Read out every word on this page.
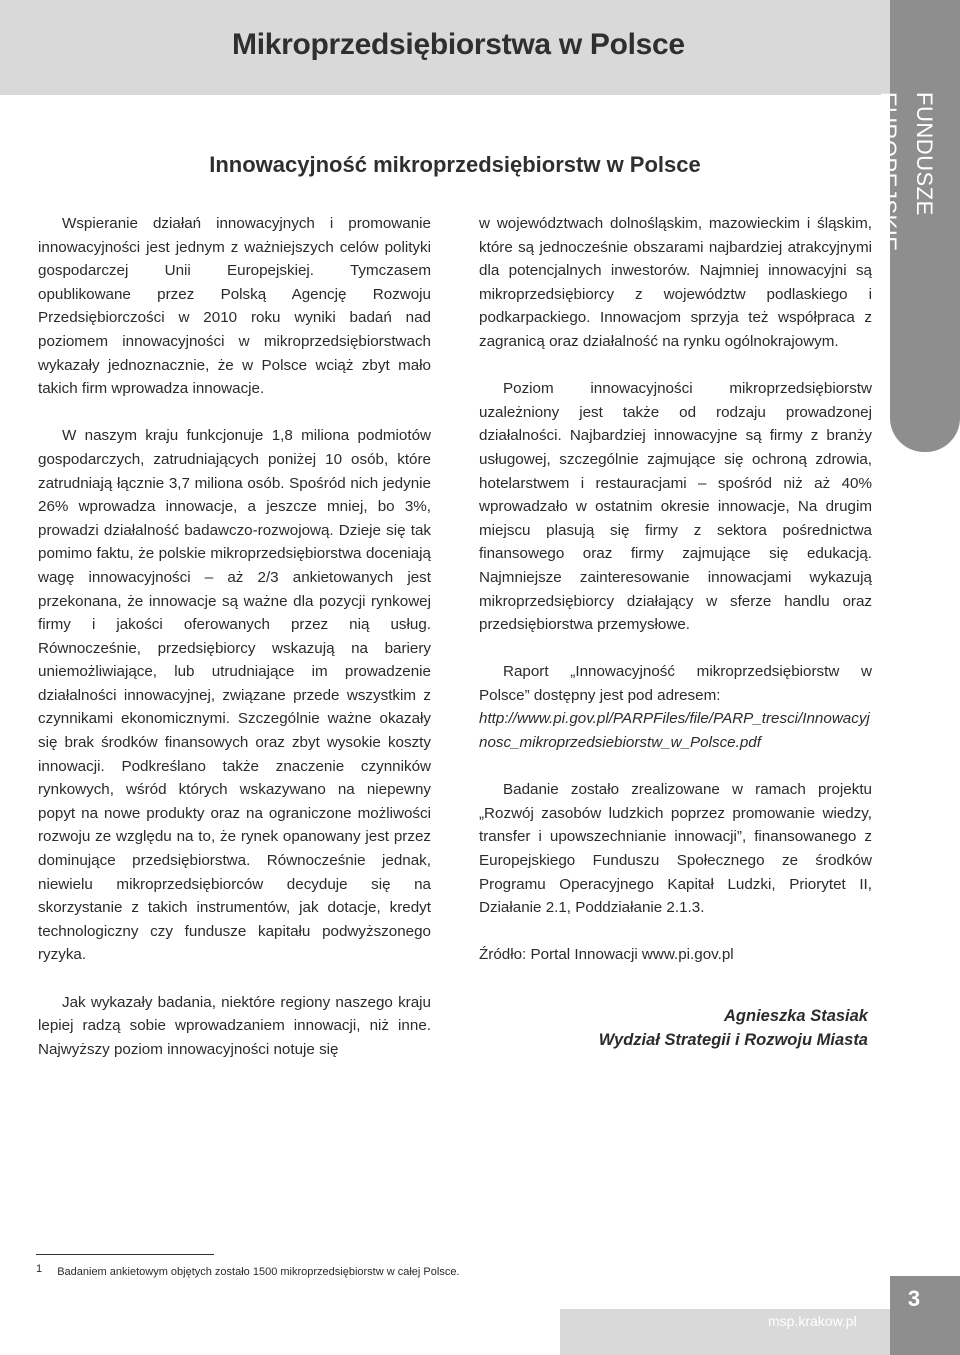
Mikroprzedsiębiorstwa w Polsce
FUNDUSZE EUROPEJSKIE
Innowacyjność mikroprzedsiębiorstw w Polsce

Wspieranie działań innowacyjnych i promowanie innowacyjności jest jednym z ważniejszych celów polityki gospodarczej Unii Europejskiej. Tymczasem opublikowane przez Polską Agencję Rozwoju Przedsiębiorczości w 2010 roku wyniki badań nad poziomem innowacyjności w mikroprzedsiębiorstwach wykazały jednoznacznie, że w Polsce wciąż zbyt mało takich firm wprowadza innowacje.

W naszym kraju funkcjonuje 1,8 miliona podmiotów gospodarczych, zatrudniających poniżej 10 osób, które zatrudniają łącznie 3,7 miliona osób. Spośród nich jedynie 26% wprowadza innowacje, a jeszcze mniej, bo 3%, prowadzi działalność badawczo-rozwojową. Dzieje się tak pomimo faktu, że polskie mikroprzedsiębiorstwa doceniają wagę innowacyjności – aż 2/3 ankietowanych jest przekonana, że innowacje są ważne dla pozycji rynkowej firmy i jakości oferowanych przez nią usług. Równocześnie, przedsiębiorcy wskazują na bariery uniemożliwiające, lub utrudniające im prowadzenie działalności innowacyjnej, związane przede wszystkim z czynnikami ekonomicznymi. Szczególnie ważne okazały się brak środków finansowych oraz zbyt wysokie koszty innowacji. Podkreślano także znaczenie czynników rynkowych, wśród których wskazywano na niepewny popyt na nowe produkty oraz na ograniczone możliwości rozwoju ze względu na to, że rynek opanowany jest przez dominujące przedsiębiorstwa. Równocześnie jednak, niewielu mikroprzedsiębiorców decyduje się na skorzystanie z takich instrumentów, jak dotacje, kredyt technologiczny czy fundusze kapitału podwyższonego ryzyka.

Jak wykazały badania, niektóre regiony naszego kraju lepiej radzą sobie wprowadzaniem innowacji, niż inne. Najwyższy poziom innowacyjności notuje się

w województwach dolnośląskim, mazowieckim i śląskim, które są jednocześnie obszarami najbardziej atrakcyjnymi dla potencjalnych inwestorów. Najmniej innowacyjni są mikroprzedsiębiorcy z województw podlaskiego i podkarpackiego. Innowacjom sprzyja też współpraca z zagranicą oraz działalność na rynku ogólnokrajowym.

Poziom innowacyjności mikroprzedsiębiorstw uzależniony jest także od rodzaju prowadzonej działalności. Najbardziej innowacyjne są firmy z branży usługowej, szczególnie zajmujące się ochroną zdrowia, hotelarstwem i restauracjami – spośród niż aż 40% wprowadzało w ostatnim okresie innowacje, Na drugim miejscu plasują się firmy z sektora pośrednictwa finansowego oraz firmy zajmujące się edukacją. Najmniejsze zainteresowanie innowacjami wykazują mikroprzedsiębiorcy działający w sferze handlu oraz przedsiębiorstwa przemysłowe.

Raport „Innowacyjność mikroprzedsiębiorstw w Polsce” dostępny jest pod adresem:
http://www.pi.gov.pl/PARPFiles/file/PARP_tresci/Innowacyjnosc_mikroprzedsiebiorstw_w_Polsce.pdf

Badanie zostało zrealizowane w ramach projektu „Rozwój zasobów ludzkich poprzez promowanie wiedzy, transfer i upowszechnianie innowacji”, finansowanego z Europejskiego Funduszu Społecznego ze środków Programu Operacyjnego Kapitał Ludzki, Priorytet II, Działanie 2.1, Poddziałanie 2.1.3.

Źródło: Portal Innowacji www.pi.gov.pl

Agnieszka Stasiak
Wydział Strategii i Rozwoju Miasta
1 Badaniem ankietowym objętych zostało 1500 mikroprzedsiębiorstw w całej Polsce.
msp.krakow.pl
3
